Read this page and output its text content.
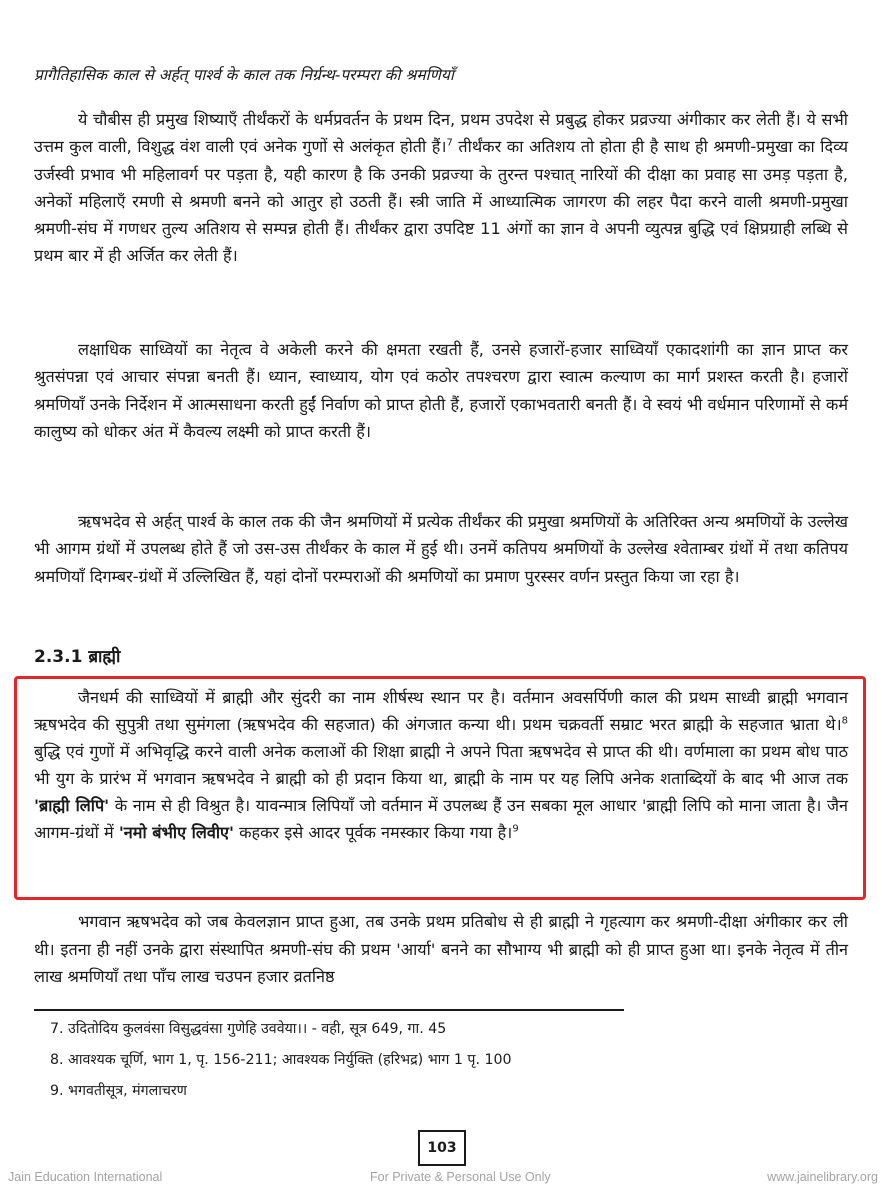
प्रागैतिहासिक काल से अर्हत् पार्श्व के काल तक निर्ग्रन्थ-परम्परा की श्रमणियाँ

ये चौबीस ही प्रमुख शिष्याएँ तीर्थंकरों के धर्मप्रवर्तन के प्रथम दिन, प्रथम उपदेश से प्रबुद्ध होकर प्रव्रज्या अंगीकार कर लेती हैं। ये सभी उत्तम कुल वाली, विशुद्ध वंश वाली एवं अनेक गुणों से अलंकृत होती हैं।$^7$ तीर्थंकर का अतिशय तो होता ही है साथ ही श्रमणी-प्रमुखा का दिव्य उर्जस्वी प्रभाव भी महिलावर्ग पर पड़ता है, यही कारण है कि उनकी प्रव्रज्या के तुरन्त पश्चात् नारियों की दीक्षा का प्रवाह सा उमड़ पड़ता है, अनेकों महिलाएँ रमणी से श्रमणी बनने को आतुर हो उठती हैं। स्त्री जाति में आध्यात्मिक जागरण की लहर पैदा करने वाली श्रमणी-प्रमुखा श्रमणी-संघ में गणधर तुल्य अतिशय से सम्पन्न होती हैं। तीर्थंकर द्वारा उपदिष्ट 11 अंगों का ज्ञान वे अपनी व्युत्पन्न बुद्धि एवं क्षिप्रग्राही लब्धि से प्रथम बार में ही अर्जित कर लेती हैं।

लक्षाधिक साध्वियों का नेतृत्व वे अकेली करने की क्षमता रखती हैं, उनसे हजारों-हजार साध्वियाँ एकादशांगी का ज्ञान प्राप्त कर श्रुतसंपन्ना एवं आचार संपन्ना बनती हैं। ध्यान, स्वाध्याय, योग एवं कठोर तपश्चरण द्वारा स्वात्म कल्याण का मार्ग प्रशस्त करती है। हजारों श्रमणियाँ उनके निर्देशन में आत्मसाधना करती हुईं निर्वाण को प्राप्त होती हैं, हजारों एकाभवतारी बनती हैं। वे स्वयं भी वर्धमान परिणामों से कर्म कालुष्य को धोकर अंत में कैवल्य लक्ष्मी को प्राप्त करती हैं।

ऋषभदेव से अर्हत् पार्श्व के काल तक की जैन श्रमणियों में प्रत्येक तीर्थंकर की प्रमुखा श्रमणियों के अतिरिक्त अन्य श्रमणियों के उल्लेख भी आगम ग्रंथों में उपलब्ध होते हैं जो उस-उस तीर्थंकर के काल में हुई थी। उनमें कतिपय श्रमणियों के उल्लेख श्वेताम्बर ग्रंथों में तथा कतिपय श्रमणियाँ दिगम्बर-ग्रंथों में उल्लिखित हैं, यहां दोनों परम्पराओं की श्रमणियों का प्रमाण पुरस्सर वर्णन प्रस्तुत किया जा रहा है।

2.3.1 ब्राह्मी

जैनधर्म की साध्वियों में ब्राह्मी और सुंदरी का नाम शीर्षस्थ स्थान पर है। वर्तमान अवसर्पिणी काल की प्रथम साध्वी ब्राह्मी भगवान ऋषभदेव की सुपुत्री तथा सुमंगला (ऋषभदेव की सहजात) की अंगजात कन्या थी। प्रथम चक्रवर्ती सम्राट भरत ब्राह्मी के सहजात भ्राता थे।$^8$ बुद्धि एवं गुणों में अभिवृद्धि करने वाली अनेक कलाओं की शिक्षा ब्राह्मी ने अपने पिता ऋषभदेव से प्राप्त की थी। वर्णमाला का प्रथम बोध पाठ भी युग के प्रारंभ में भगवान ऋषभदेव ने ब्राह्मी को ही प्रदान किया था, ब्राह्मी के नाम पर यह लिपि अनेक शताब्दियों के बाद भी आज तक 'ब्राह्मी लिपि' के नाम से ही विश्रुत है। यावन्मात्र लिपियाँ जो वर्तमान में उपलब्ध हैं उन सबका मूल आधार 'ब्राह्मी लिपि को माना जाता है। जैन आगम-ग्रंथों में 'नमो बंभीए लिवीए' कहकर इसे आदर पूर्वक नमस्कार किया गया है।$^9$

भगवान ऋषभदेव को जब केवलज्ञान प्राप्त हुआ, तब उनके प्रथम प्रतिबोध से ही ब्राह्मी ने गृहत्याग कर श्रमणी-दीक्षा अंगीकार कर ली थी। इतना ही नहीं उनके द्वारा संस्थापित श्रमणी-संघ की प्रथम 'आर्या' बनने का सौभाग्य भी ब्राह्मी को ही प्राप्त हुआ था। इनके नेतृत्व में तीन लाख श्रमणियाँ तथा पाँच लाख चउपन हजार व्रतनिष्ठ

7. उदितोदिय कुलवंसा विसुद्धवंसा गुणेहि उववेया।। - वही, सूत्र 649, गा. 45

8. आवश्यक चूर्णि, भाग 1, पृ. 156-211; आवश्यक निर्युक्ति (हरिभद्र) भाग 1 पृ. 100

9. भगवतीसूत्र, मंगलाचरण

103
Jain Education International	For Private & Personal Use Only	www.jainelibrary.org
